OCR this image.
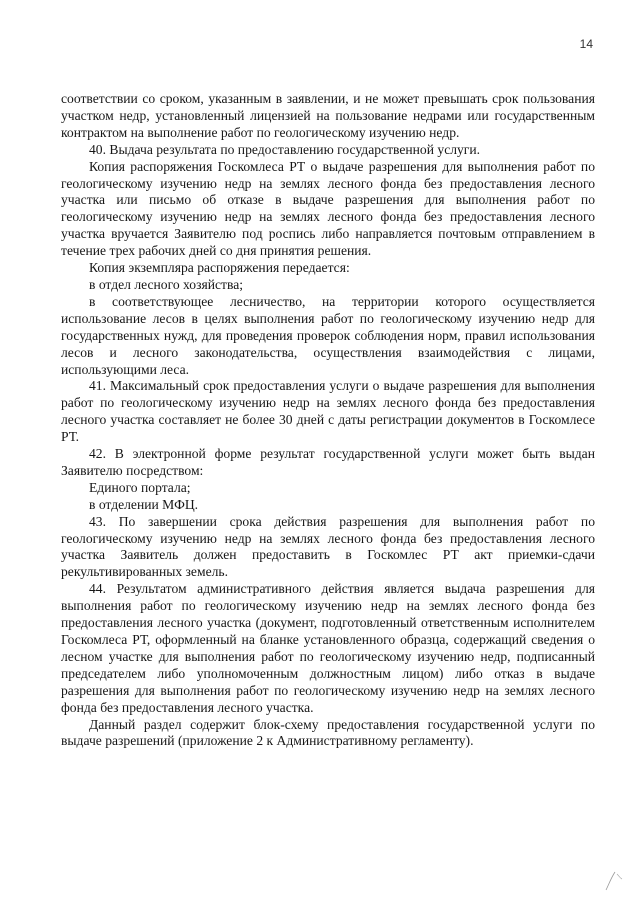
14

соответствии со сроком, указанным в заявлении, и не может превышать срок пользования участком недр, установленный лицензией на пользование недрами или государственным контрактом на выполнение работ по геологическому изучению недр.

40. Выдача результата по предоставлению государственной услуги.

Копия распоряжения Госкомлеса РТ о выдаче разрешения для выполнения работ по геологическому изучению недр на землях лесного фонда без предоставления лесного участка или письмо об отказе в выдаче разрешения для выполнения работ по геологическому изучению недр на землях лесного фонда без предоставления лесного участка вручается Заявителю под роспись либо направляется почтовым отправлением в течение трех рабочих дней со дня принятия решения.

Копия экземпляра распоряжения передается:

в отдел лесного хозяйства;

в соответствующее лесничество, на территории которого осуществляется использование лесов в целях выполнения работ по геологическому изучению недр для государственных нужд, для проведения проверок соблюдения норм, правил использования лесов и лесного законодательства, осуществления взаимодействия с лицами, использующими леса.

41. Максимальный срок предоставления услуги о выдаче разрешения для выполнения работ по геологическому изучению недр на землях лесного фонда без предоставления лесного участка составляет не более 30 дней с даты регистрации документов в Госкомлесе РТ.

42. В электронной форме результат государственной услуги может быть выдан Заявителю посредством:

Единого портала;

в отделении МФЦ.

43. По завершении срока действия разрешения для выполнения работ по геологическому изучению недр на землях лесного фонда без предоставления лесного участка Заявитель должен предоставить в Госкомлес РТ акт приемки-сдачи рекультивированных земель.

44. Результатом административного действия является выдача разрешения для выполнения работ по геологическому изучению недр на землях лесного фонда без предоставления лесного участка (документ, подготовленный ответственным исполнителем Госкомлеса РТ, оформленный на бланке установленного образца, содержащий сведения о лесном участке для выполнения работ по геологическому изучению недр, подписанный председателем либо уполномоченным должностным лицом) либо отказ в выдаче разрешения для выполнения работ по геологическому изучению недр на землях лесного фонда без предоставления лесного участка.

Данный раздел содержит блок-схему предоставления государственной услуги по выдаче разрешений (приложение 2 к Административному регламенту).
